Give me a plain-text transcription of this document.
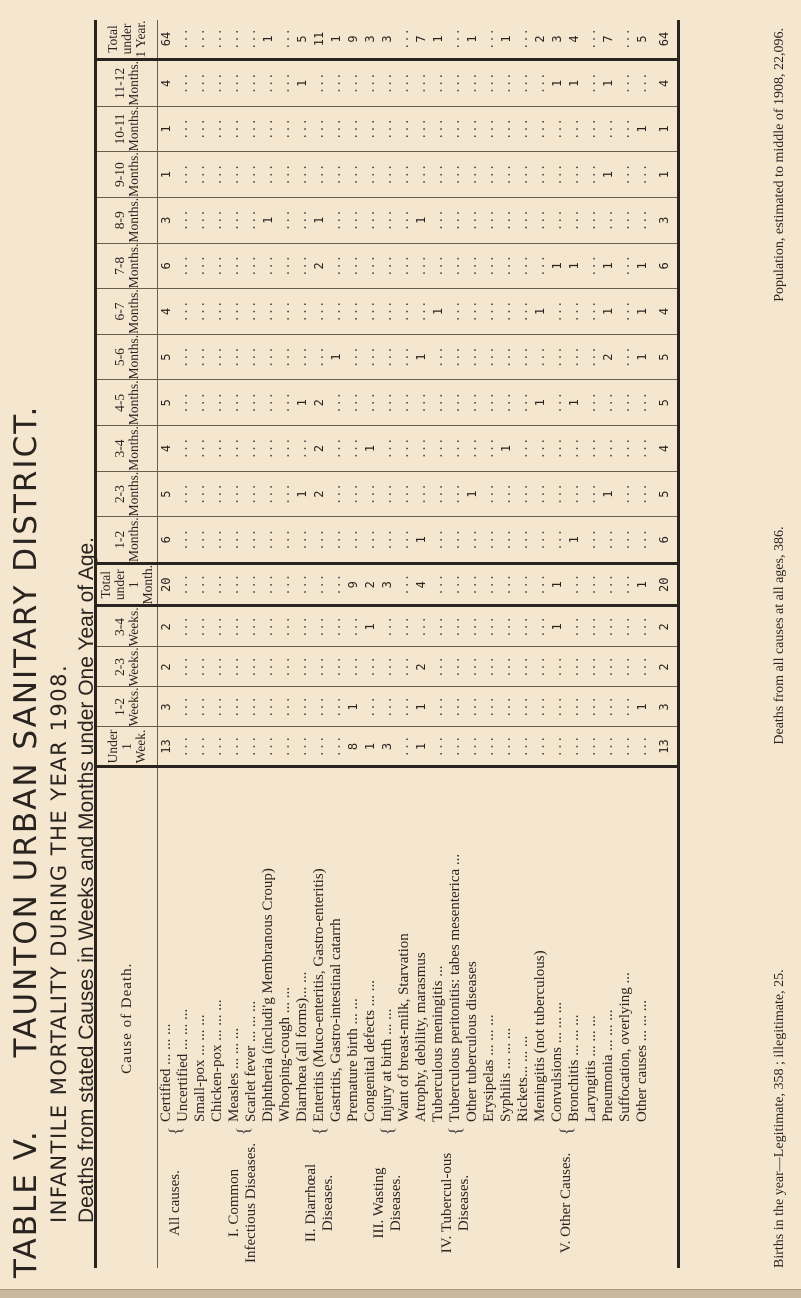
TABLE V. TAUNTON URBAN SANITARY DISTRICT. INFANTILE MORTALITY DURING THE YEAR 1908. Deaths from stated Causes in Weeks and Months under One Year of Age. Cause of Death.			Under 1 Week.	1-2 Weeks.	2-3 Weeks.	3-4 Weeks.	Total under 1 Month.	1-2 Months.	2-3 Months.	3-4 Months.	4-5 Months.	5-6 Months.	6-7 Months.	7-8 Months.	8-9 Months.	9-10 Months.	10-11 Months.	11-12 Months.	Total under 1 Year.
All causes.	{	Certified ... ... ...	13	3	2	2	20	6	5	4	5	5	4	6	3	1	1	4	64
		Uncertified ... ... ...	...	...	...	...	...	...	...	...	...	...	...	...	...	...	...	...	...
I. Common Infectious Diseases.	{	Small-pox ... ... ...	...	...	...	...	...	...	...	...	...	...	...	...	...	...	...	...	...
		Chicken-pox ... ... ...	...	...	...	...	...	...	...	...	...	...	...	...	...	...	...	...	...
		Measles ... ... ...	...	...	...	...	...	...	...	...	...	...	...	...	...	...	...	...	...
		Scarlet fever ... ... ...	...	...	...	...	...	...	...	...	...	...	...	...	...	...	...	...	...
		Diphtheria (includi'g Membranous Croup)	...	...	...	...	...	...	...	...	...	...	...	...	1	...	...	...	1
		Whooping-cough ... ...	...	...	...	...	...	...	...	...	...	...	...	...	...	...	...	...	...
II. Diarrhœal Diseases.	{	Diarrhœa (all forms)... ...	...	...	...	...	...	...	1	...	1	...	...	...	...	...	...	1	5
		Enteritis (Muco-enteritis, Gastro-enteritis)	...	...	...	...	...	...	2	2	2	...	...	2	1	...	...	...	11
		Gastritis, Gastro-intestinal catarrh	...	...	...	...	...	...	...	...	...	1	...	...	...	...	...	...	1
III. Wasting Diseases.	{	Premature birth ... ...	8	1	...	...	9	...	...	...	...	...	...	...	...	...	...	...	9
		Congenital defects ... ...	1	...	...	1	2	...	...	1	...	...	...	...	...	...	...	...	3
		Injury at birth ... ...	3	...	...	...	3	...	...	...	...	...	...	...	...	...	...	...	3
		Want of breast-milk, Starvation	...	...	...	...	...	...	...	...	...	...	...	...	...	...	...	...	...
		Atrophy, debility, marasmus	1	1	2	...	4	1	...	...	...	1	...	...	1	...	...	...	7
IV. Tubercul-ous Diseases.	{	Tuberculous meningitis ...	...	...	...	...	...	...	...	...	...	...	1	...	...	...	...	...	1
		Tuberculous peritonitis: tabes mesenterica ...	...	...	...	...	...	...	...	...	...	...	...	...	...	...	...	...	...
		Other tuberculous diseases	...	...	...	...	...	...	1	...	...	...	...	...	...	...	...	...	1
V. Other Causes.	{	Erysipelas ... ... ...	...	...	...	...	...	...	...	...	...	...	...	...	...	...	...	...	...
		Syphilis ... ... ...	...	...	...	...	...	...	...	1	...	...	...	...	...	...	...	...	1
		Rickets... ... ...	...	...	...	...	...	...	...	...	...	...	...	...	...	...	...	...	...
		Meningitis (not tuberculous)	...	...	...	...	...	...	...	...	1	...	1	...	...	...	...	...	2
		Convulsions ... ... ...	...	...	...	1	1	...	...	...	...	...	...	1	...	...	...	1	3
		Bronchitis ... ... ...	...	...	...	...	...	1	...	...	1	...	...	1	...	...	...	1	4
		Laryngitis ... ... ...	...	...	...	...	...	...	...	...	...	...	...	...	...	...	...	...	...
		Pneumonia ... ... ...	...	...	...	...	...	...	1	...	...	2	1	1	...	1	...	1	7
		Suffocation, overlying ...	...	...	...	...	...	...	...	...	...	...	...	...	...	...	...	...	...
		Other causes ... ... ...	...	1	...	...	1	...	...	...	...	1	1	1	...	...	1	...	5
			13	3	2	2	20	6	5	4	5	5	4	6	3	1	1	4	64
Births in the year—Legitimate, 358 ; illegitimate, 25.
Deaths from all causes at all ages, 386.
Population, estimated to middle of 1908, 22,096.
